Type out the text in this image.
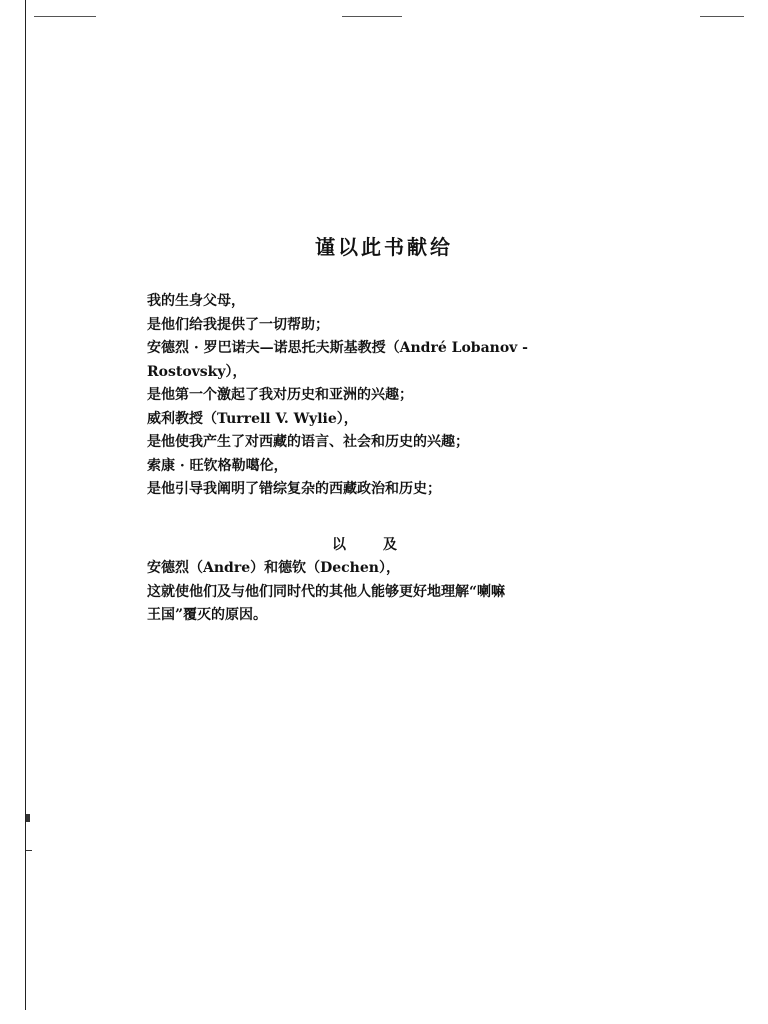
谨以此书献给
我的生身父母，
是他们给我提供了一切帮助；
安德烈 · 罗巴诺夫—诺思托夫斯基教授（André Lobanov -
Rostovsky），
是他第一个激起了我对历史和亚洲的兴趣；
威利教授（Turrell V. Wylie），
是他使我产生了对西藏的语言、社会和历史的兴趣；
索康 · 旺钦格勒噶伦，
是他引导我阐明了错综复杂的西藏政治和历史；
以	及
安德烈（Andre）和德钦（Dechen），
这就使他们及与他们同时代的其他人能够更好地理解“喇嘛
王国”覆灭的原因。
